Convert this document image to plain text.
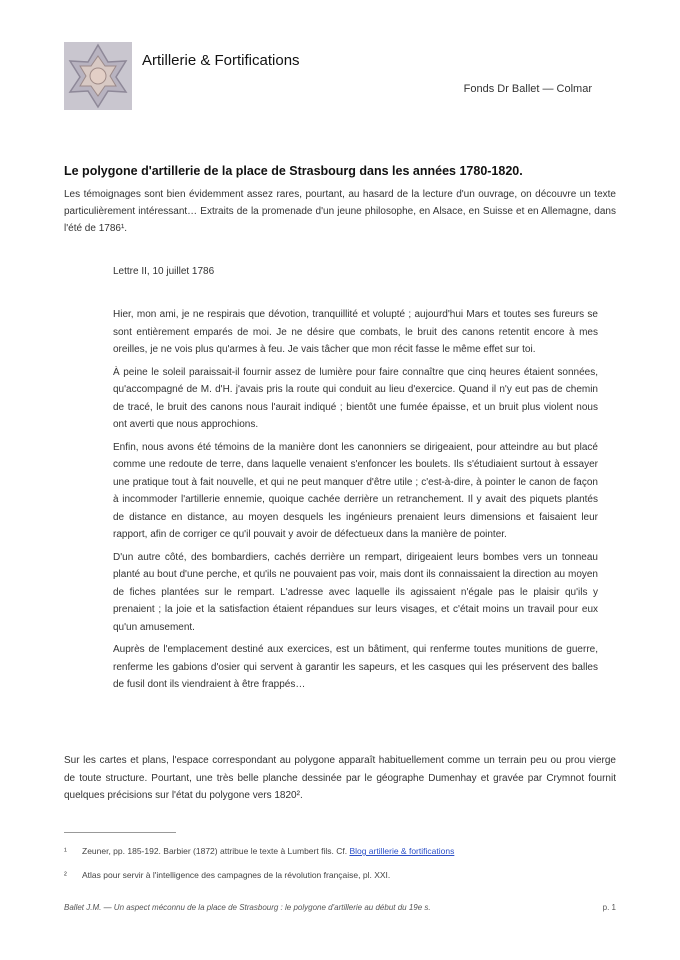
Artillerie & Fortifications
Fonds Dr Ballet — Colmar
Le polygone d'artillerie de la place de Strasbourg dans les années 1780-1820.
Les témoignages sont bien évidemment assez rares, pourtant, au hasard de la lecture d'un ouvrage, on découvre un texte particulièrement intéressant… Extraits de la promenade d'un jeune philosophe, en Alsace, en Suisse et en Allemagne, dans l'été de 1786¹.
Lettre II, 10 juillet 1786

Hier, mon ami, je ne respirais que dévotion, tranquillité et volupté ; aujourd'hui Mars et toutes ses fureurs se sont entièrement emparés de moi. Je ne désire que combats, le bruit des canons retentit encore à mes oreilles, je ne vois plus qu'armes à feu. Je vais tâcher que mon récit fasse le même effet sur toi.

À peine le soleil paraissait-il fournir assez de lumière pour faire connaître que cinq heures étaient sonnées, qu'accompagné de M. d'H. j'avais pris la route qui conduit au lieu d'exercice. Quand il n'y eut pas de chemin de tracé, le bruit des canons nous l'aurait indiqué ; bientôt une fumée épaisse, et un bruit plus violent nous ont averti que nous approchions.

Enfin, nous avons été témoins de la manière dont les canonniers se dirigeaient, pour atteindre au but placé comme une redoute de terre, dans laquelle venaient s'enfoncer les boulets. Ils s'étudiaient surtout à essayer une pratique tout à fait nouvelle, et qui ne peut manquer d'être utile ; c'est-à-dire, à pointer le canon de façon à incommoder l'artillerie ennemie, quoique cachée derrière un retranchement. Il y avait des piquets plantés de distance en distance, au moyen desquels les ingénieurs prenaient leurs dimensions et faisaient leur rapport, afin de corriger ce qu'il pouvait y avoir de défectueux dans la manière de pointer.

D'un autre côté, des bombardiers, cachés derrière un rempart, dirigeaient leurs bombes vers un tonneau planté au bout d'une perche, et qu'ils ne pouvaient pas voir, mais dont ils connaissaient la direction au moyen de fiches plantées sur le rempart. L'adresse avec laquelle ils agissaient n'égale pas le plaisir qu'ils y prenaient ; la joie et la satisfaction étaient répandues sur leurs visages, et c'était moins un travail pour eux qu'un amusement.

Auprès de l'emplacement destiné aux exercices, est un bâtiment, qui renferme toutes munitions de guerre, renferme les gabions d'osier qui servent à garantir les sapeurs, et les casques qui les préservent des balles de fusil dont ils viendraient à être frappés…

Sur les cartes et plans, l'espace correspondant au polygone apparaît habituellement comme un terrain peu ou prou vierge de toute structure. Pourtant, une très belle planche dessinée par le géographe Dumenhay et gravée par Crymnot fournit quelques précisions sur l'état du polygone vers 1820².
¹ Zeuner, pp. 185-192. Barbier (1872) attribue le texte à Lumbert fils. Cf. Blog artillerie & fortifications
² Atlas pour servir à l'intelligence des campagnes de la révolution française, pl. XXI.
Ballet J.M. — Un aspect méconnu de la place de Strasbourg : le polygone d'artillerie au début du 19e s.	p. 1
